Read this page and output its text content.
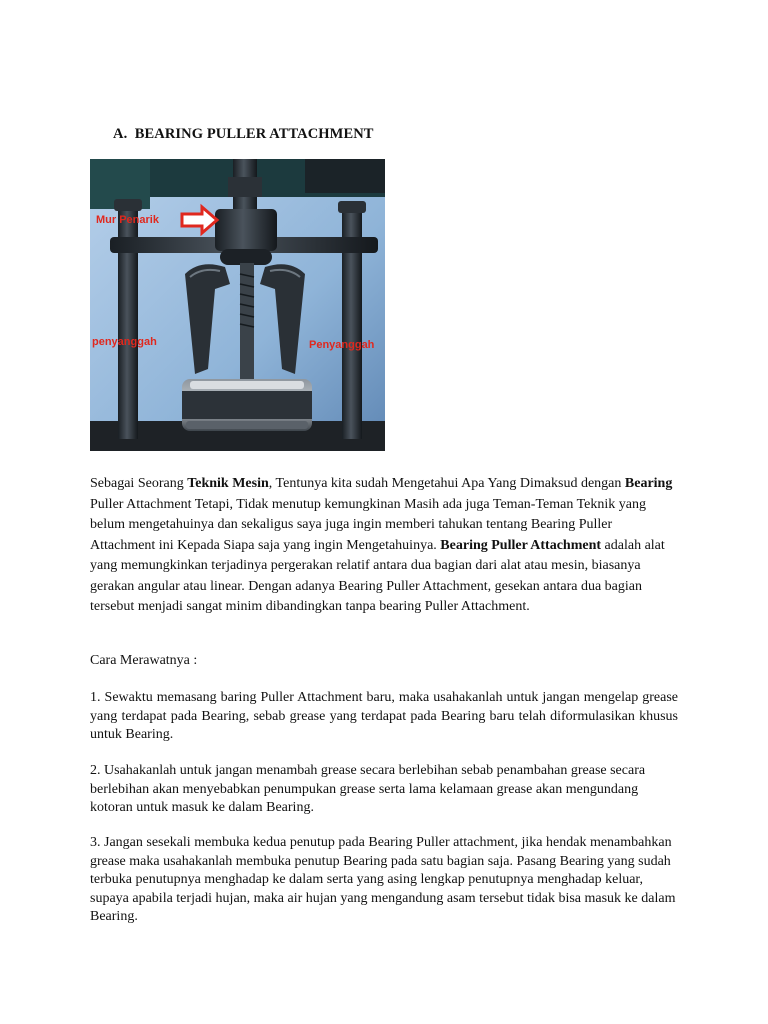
A. BEARING PULLER ATTACHMENT
Mur Penarik
penyanggah	Penyanggah
Sebagai Seorang Teknik Mesin, Tentunya kita sudah Mengetahui Apa Yang Dimaksud dengan Bearing Puller Attachment Tetapi, Tidak menutup kemungkinan Masih ada juga Teman-Teman Teknik yang belum mengetahuinya dan sekaligus saya juga ingin memberi tahukan tentang Bearing Puller Attachment ini Kepada Siapa saja yang ingin Mengetahuinya. Bearing Puller Attachment adalah alat yang memungkinkan terjadinya pergerakan relatif antara dua bagian dari alat atau mesin, biasanya gerakan angular atau linear. Dengan adanya Bearing Puller Attachment, gesekan antara dua bagian tersebut menjadi sangat minim dibandingkan tanpa bearing Puller Attachment.
Cara Merawatnya :
1. Sewaktu memasang baring Puller Attachment baru, maka usahakanlah untuk jangan mengelap grease yang terdapat pada Bearing, sebab grease yang terdapat pada Bearing baru telah diformulasikan khusus untuk Bearing.
2. Usahakanlah untuk jangan menambah grease secara berlebihan sebab penambahan grease secara berlebihan akan menyebabkan penumpukan grease serta lama kelamaan grease akan mengundang kotoran untuk masuk ke dalam Bearing.
3. Jangan sesekali membuka kedua penutup pada Bearing Puller attachment, jika hendak menambahkan grease maka usahakanlah membuka penutup Bearing pada satu bagian saja. Pasang Bearing yang sudah terbuka penutupnya menghadap ke dalam serta yang asing lengkap penutupnya menghadap keluar, supaya apabila terjadi hujan, maka air hujan yang mengandung asam tersebut tidak bisa masuk ke dalam Bearing.
